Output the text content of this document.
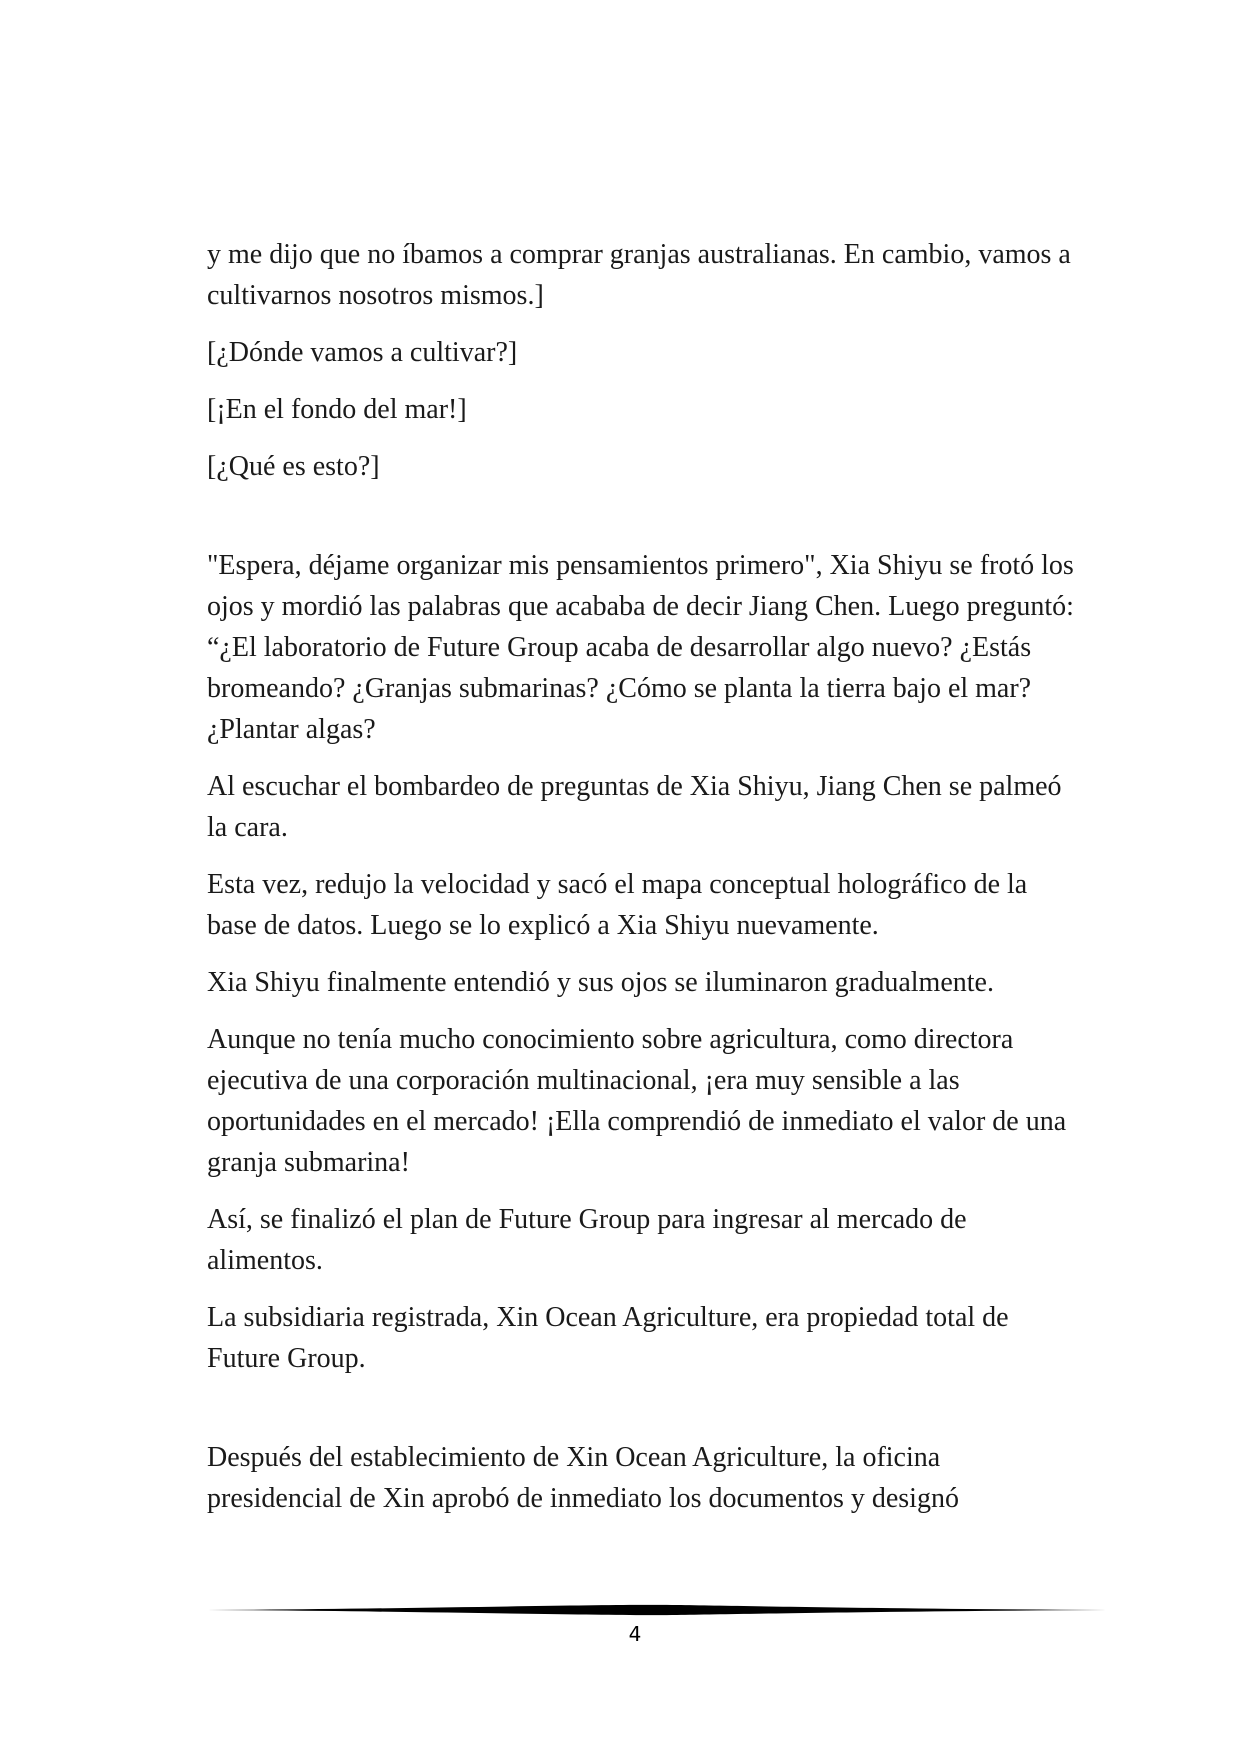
y me dijo que no íbamos a comprar granjas australianas. En cambio, vamos a cultivarnos nosotros mismos.]

[¿Dónde vamos a cultivar?]

[¡En el fondo del mar!]

[¿Qué es esto?]

"Espera, déjame organizar mis pensamientos primero", Xia Shiyu se frotó los ojos y mordió las palabras que acababa de decir Jiang Chen. Luego preguntó: “¿El laboratorio de Future Group acaba de desarrollar algo nuevo? ¿Estás bromeando? ¿Granjas submarinas? ¿Cómo se planta la tierra bajo el mar? ¿Plantar algas?

Al escuchar el bombardeo de preguntas de Xia Shiyu, Jiang Chen se palmeó la cara.

Esta vez, redujo la velocidad y sacó el mapa conceptual holográfico de la base de datos. Luego se lo explicó a Xia Shiyu nuevamente.

Xia Shiyu finalmente entendió y sus ojos se iluminaron gradualmente.

Aunque no tenía mucho conocimiento sobre agricultura, como directora ejecutiva de una corporación multinacional, ¡era muy sensible a las oportunidades en el mercado! ¡Ella comprendió de inmediato el valor de una granja submarina!

Así, se finalizó el plan de Future Group para ingresar al mercado de alimentos.

La subsidiaria registrada, Xin Ocean Agriculture, era propiedad total de Future Group.

Después del establecimiento de Xin Ocean Agriculture, la oficina presidencial de Xin aprobó de inmediato los documentos y designó

4
